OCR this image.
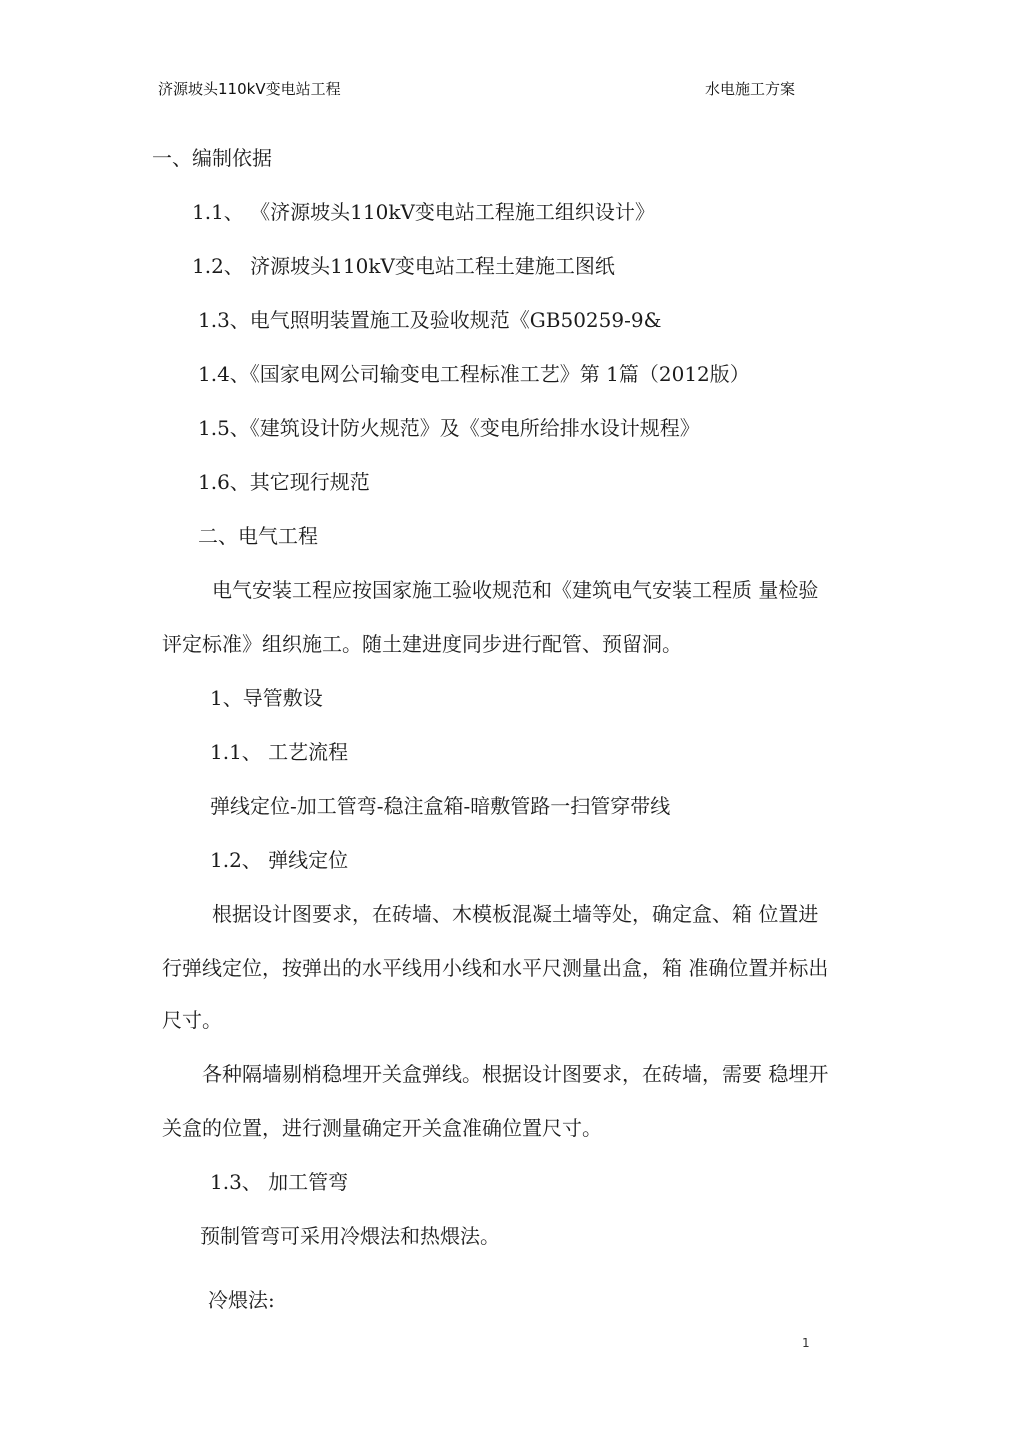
济源坡头110kV变电站工程	水电施工方案
一、编制依据
1.1、 《济源坡头110kV变电站工程施工组织设计》
1.2、 济源坡头110kV变电站工程土建施工图纸
1.3、电气照明装置施工及验收规范《GB50259-9&
1.4、《国家电网公司输变电工程标准工艺》第 1篇（2012版）
1.5、《建筑设计防火规范》及《变电所给排水设计规程》
1.6、其它现行规范
二、电气工程
电气安装工程应按国家施工验收规范和《建筑电气安装工程质 量检验
评定标准》组织施工。随土建进度同步进行配管、预留洞。
1、导管敷设
1.1、 工艺流程
弹线定位-加工管弯-稳注盒箱-暗敷管路一扫管穿带线
1.2、 弹线定位
根据设计图要求，在砖墙、木模板混凝土墙等处，确定盒、箱 位置进
行弹线定位，按弹出的水平线用小线和水平尺测量出盒，箱 准确位置并标出
尺寸。
各种隔墙剔梢稳埋开关盒弹线。根据设计图要求，在砖墙，需要 稳埋开
关盒的位置，进行测量确定开关盒准确位置尺寸。
1.3、 加工管弯
预制管弯可采用冷煨法和热煨法。
冷煨法:
1
